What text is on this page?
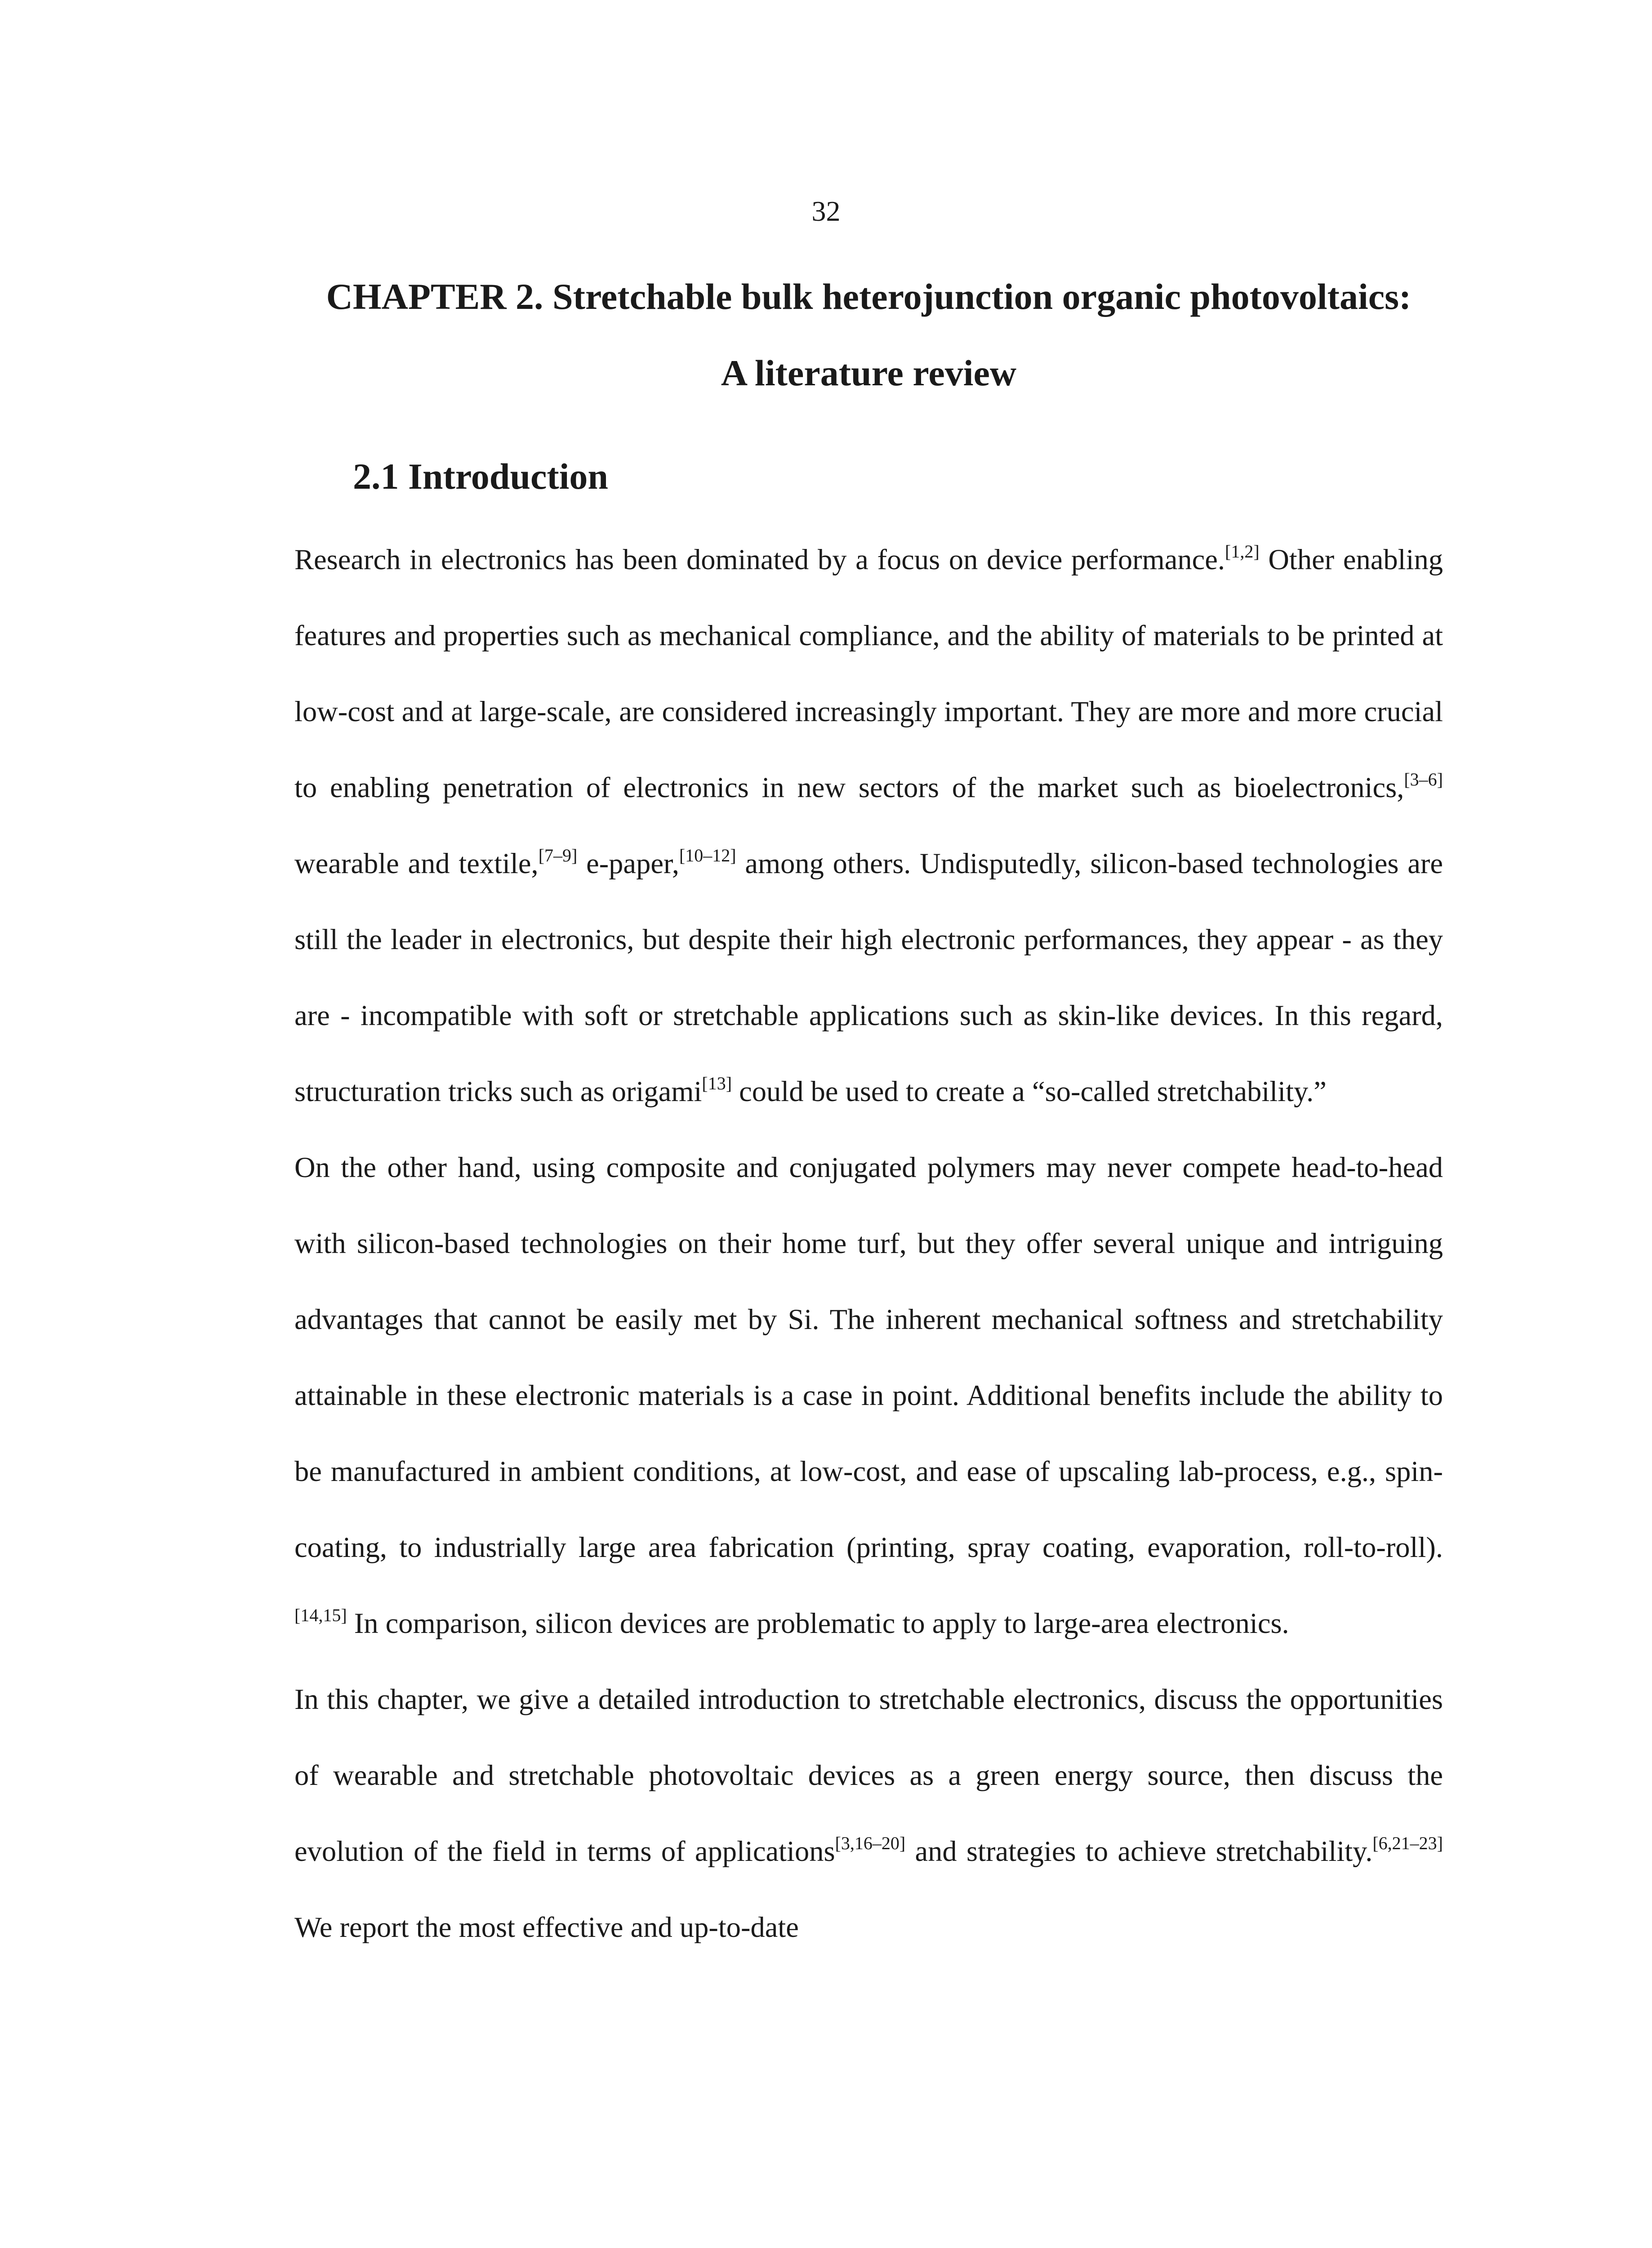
32
CHAPTER 2. Stretchable bulk heterojunction organic photovoltaics:
A literature review
2.1 Introduction

Research in electronics has been dominated by a focus on device performance.[1,2] Other enabling features and properties such as mechanical compliance, and the ability of materials to be printed at low-cost and at large-scale, are considered increasingly important. They are more and more crucial to enabling penetration of electronics in new sectors of the market such as bioelectronics,[3–6] wearable and textile,[7–9] e-paper,[10–12] among others. Undisputedly, silicon-based technologies are still the leader in electronics, but despite their high electronic performances, they appear - as they are - incompatible with soft or stretchable applications such as skin-like devices. In this regard, structuration tricks such as origami[13] could be used to create a “so-called stretchability.”

On the other hand, using composite and conjugated polymers may never compete head-to-head with silicon-based technologies on their home turf, but they offer several unique and intriguing advantages that cannot be easily met by Si. The inherent mechanical softness and stretchability attainable in these electronic materials is a case in point. Additional benefits include the ability to be manufactured in ambient conditions, at low-cost, and ease of upscaling lab-process, e.g., spin-coating, to industrially large area fabrication (printing, spray coating, evaporation, roll-to-roll).[14,15] In comparison, silicon devices are problematic to apply to large-area electronics.

In this chapter, we give a detailed introduction to stretchable electronics, discuss the opportunities of wearable and stretchable photovoltaic devices as a green energy source, then discuss the evolution of the field in terms of applications[3,16–20] and strategies to achieve stretchability.[6,21–23] We report the most effective and up-to-date
